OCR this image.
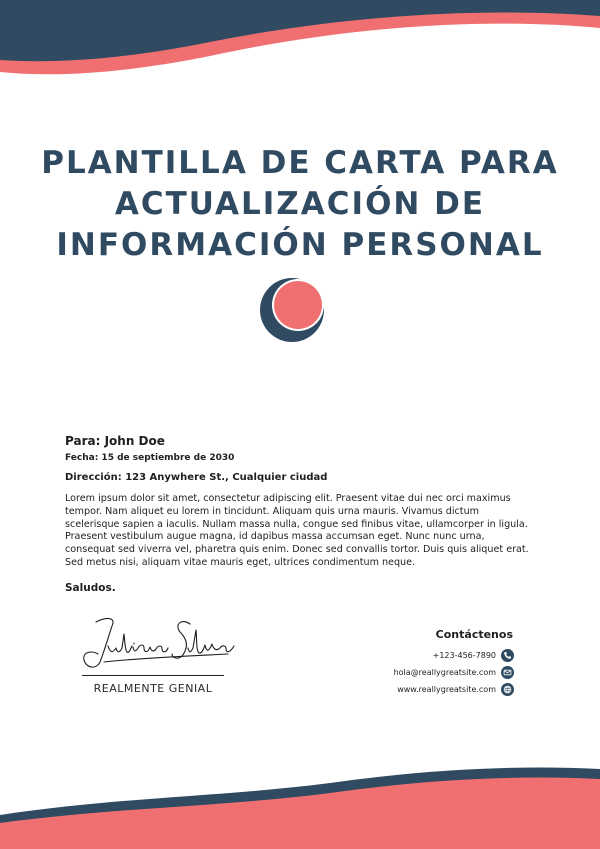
PLANTILLA DE CARTA PARA
ACTUALIZACIÓN DE
INFORMACIÓN PERSONAL

Para: John Doe

Fecha: 15 de septiembre de 2030

Dirección: 123 Anywhere St., Cualquier ciudad

Lorem ipsum dolor sit amet, consectetur adipiscing elit. Praesent vitae dui nec orci maximus tempor. Nam aliquet eu lorem in tincidunt. Aliquam quis urna mauris. Vivamus dictum scelerisque sapien a iaculis. Nullam massa nulla, congue sed finibus vitae, ullamcorper in ligula. Praesent vestibulum augue magna, id dapibus massa accumsan eget. Nunc nunc urna, consequat sed viverra vel, pharetra quis enim. Donec sed convallis tortor. Duis quis aliquet erat. Sed metus nisi, aliquam vitae mauris eget, ultrices condimentum neque.

Saludos.

REALMENTE GENIAL

Contáctenos

+123-456-7890
hola@reallygreatsite.com
www.reallygreatsite.com
